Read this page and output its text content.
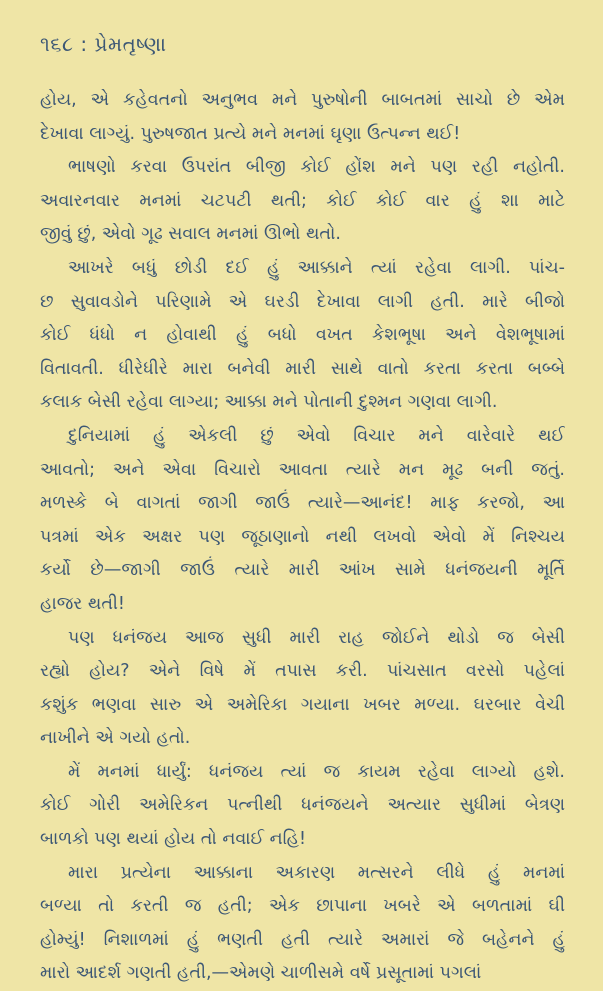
૧૬૮ : પ્રેમતૃષ્ણા
હોય, એ કહેવતનો અનુભવ મને પુરુષોની બાબતમાં સાચો છે એમ
દેખાવા લાગ્યું. પુરુષજાત પ્રત્યે મને મનમાં ઘૃણા ઉત્પન્ન થઈ!
ભાષણો કરવા ઉપરાંત બીજી કોઈ હોંશ મને પણ રહી નહોતી.
અવારનવાર મનમાં ચટપટી થતી; કોઈ કોઈ વાર હું શા માટે
જીવું છું, એવો ગૂઢ સવાલ મનમાં ઊભો થતો.
આખરે બધું છોડી દઈ હું આક્કાને ત્યાં રહેવા લાગી. પાંચ-
છ સુવાવડોને પરિણામે એ ઘરડી દેખાવા લાગી હતી. મારે બીજો
કોઈ ધંધો ન હોવાથી હું બધો વખત કેશભૂષા અને વેશભૂષામાં
વિતાવતી. ધીરેધીરે મારા બનેવી મારી સાથે વાતો કરતા કરતા બબ્બે
કલાક બેસી રહેવા લાગ્યા; આક્કા મને પોતાની દુશ્મન ગણવા લાગી.
દુનિયામાં હું એકલી છું એવો વિચાર મને વારેવારે થઈ
આવતો; અને એવા વિચારો આવતા ત્યારે મન મૂઢ બની જતું.
મળસ્કે બે વાગતાં જાગી જાઉં ત્યારે—આનંદ! માફ કરજો, આ
પત્રમાં એક અક્ષર પણ જૂઠાણાનો નથી લખવો એવો મેં નિશ્ચય
કર્યો છે—જાગી જાઉં ત્યારે મારી આંખ સામે ધનંજયની મૂર્તિ
હાજર થતી!
પણ ધનંજય આજ સુધી મારી રાહ જોઈને થોડો જ બેસી
રહ્યો હોય? એને વિષે મેં તપાસ કરી. પાંચસાત વરસો પહેલાં
કશુંક ભણવા સારુ એ અમેરિકા ગયાના ખબર મળ્યા. ઘરબાર વેચી
નાખીને એ ગયો હતો.
મેં મનમાં ધાર્યું: ધનંજય ત્યાં જ કાયમ રહેવા લાગ્યો હશે.
કોઈ ગોરી અમેરિકન પત્નીથી ધનંજયને અત્યાર સુધીમાં બેત્રણ
બાળકો પણ થયાં હોય તો નવાઈ નહિ!
મારા પ્રત્યેના આક્કાના અકારણ મત્સરને લીધે હું મનમાં
બળ્યા તો કરતી જ હતી; એક છાપાના ખબરે એ બળતામાં ઘી
હોમ્યું! નિશાળમાં હું ભણતી હતી ત્યારે અમારાં જે બહેનને હું
મારો આદર્શ ગણતી હતી,—એમણે ચાળીસમે વર્ષે પ્રસૂતામાં પગલાં
